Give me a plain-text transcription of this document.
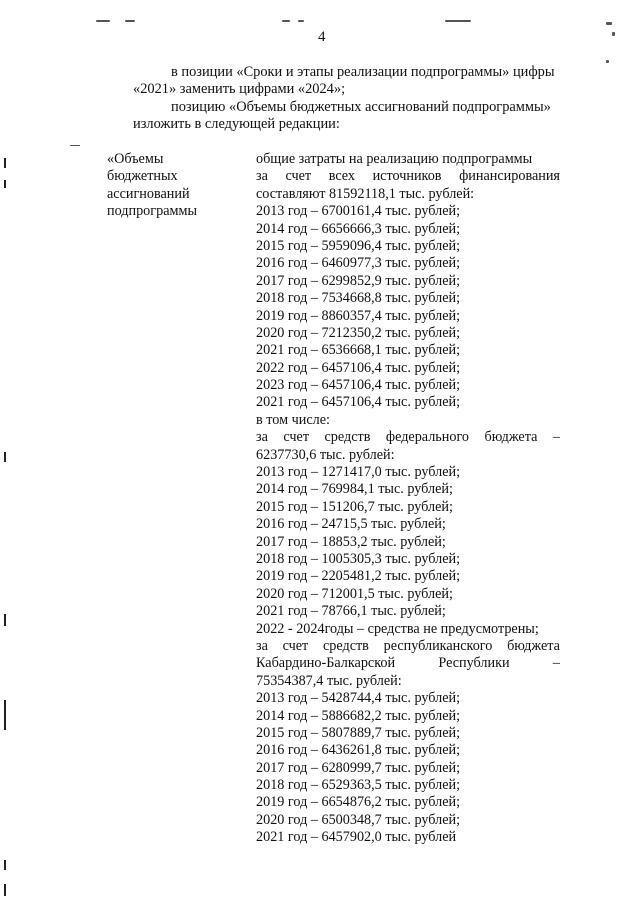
4
в позиции «Сроки и этапы реализации подпрограммы» цифры
«2021» заменить цифрами «2024»;
позицию «Объемы бюджетных ассигнований подпрограммы»
изложить в следующей редакции:
«Объемы
бюджетных
ассигнований
подпрограммы
общие затраты на реализацию подпрограммы
за счет всех источников финансирования
составляют 81592118,1 тыс. рублей:
2013 год – 6700161,4 тыс. рублей;
2014 год – 6656666,3 тыс. рублей;
2015 год – 5959096,4 тыс. рублей;
2016 год – 6460977,3 тыс. рублей;
2017 год – 6299852,9 тыс. рублей;
2018 год – 7534668,8 тыс. рублей;
2019 год – 8860357,4 тыс. рублей;
2020 год – 7212350,2 тыс. рублей;
2021 год – 6536668,1 тыс. рублей;
2022 год – 6457106,4 тыс. рублей;
2023 год – 6457106,4 тыс. рублей;
2021 год – 6457106,4 тыс. рублей;
в том числе:
за счет средств федерального бюджета –
6237730,6 тыс. рублей:
2013 год – 1271417,0 тыс. рублей;
2014 год – 769984,1 тыс. рублей;
2015 год – 151206,7 тыс. рублей;
2016 год – 24715,5 тыс. рублей;
2017 год – 18853,2 тыс. рублей;
2018 год – 1005305,3 тыс. рублей;
2019 год – 2205481,2 тыс. рублей;
2020 год – 712001,5 тыс. рублей;
2021 год – 78766,1 тыс. рублей;
2022 - 2024годы – средства не предусмотрены;
за счет средств республиканского бюджета
Кабардино-Балкарской	Республики	–
75354387,4 тыс. рублей:
2013 год – 5428744,4 тыс. рублей;
2014 год – 5886682,2 тыс. рублей;
2015 год – 5807889,7 тыс. рублей;
2016 год – 6436261,8 тыс. рублей;
2017 год – 6280999,7 тыс. рублей;
2018 год – 6529363,5 тыс. рублей;
2019 год – 6654876,2 тыс. рублей;
2020 год – 6500348,7 тыс. рублей;
2021 год – 6457902,0 тыс. рублей
